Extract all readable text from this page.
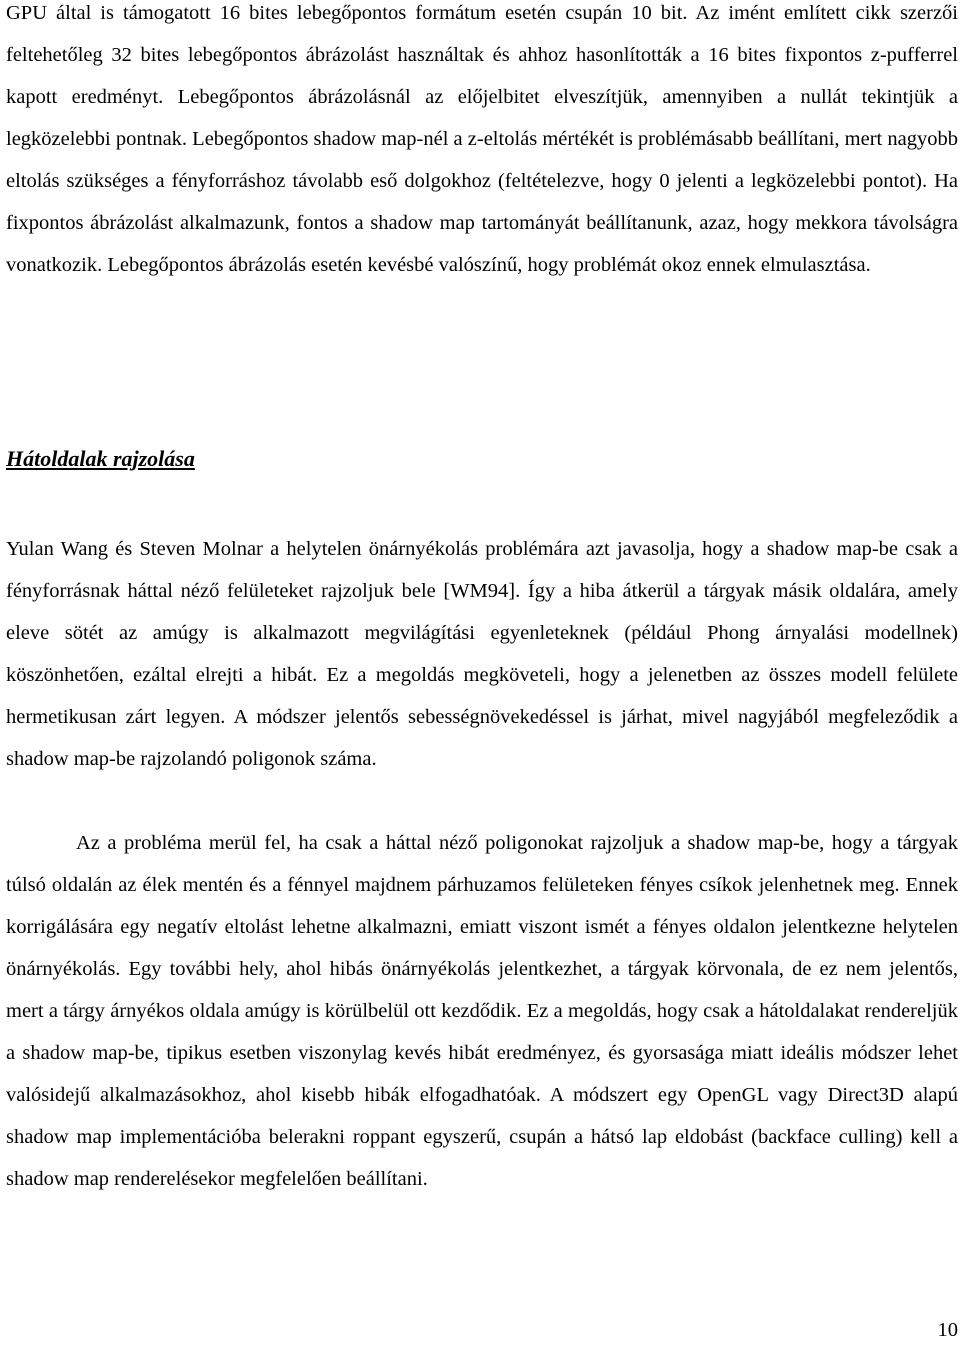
GPU által is támogatott 16 bites lebegőpontos formátum esetén csupán 10 bit. Az imént említett cikk szerzői feltehetőleg 32 bites lebegőpontos ábrázolást használtak és ahhoz hasonlították a 16 bites fixpontos z-pufferrel kapott eredményt. Lebegőpontos ábrázolásnál az előjelbitet elveszítjük, amennyiben a nullát tekintjük a legközelebbi pontnak. Lebegőpontos shadow map-nél a z-eltolás mértékét is problémásabb beállítani, mert nagyobb eltolás szükséges a fényforráshoz távolabb eső dolgokhoz (feltételezve, hogy 0 jelenti a legközelebbi pontot). Ha fixpontos ábrázolást alkalmazunk, fontos a shadow map tartományát beállítanunk, azaz, hogy mekkora távolságra vonatkozik. Lebegőpontos ábrázolás esetén kevésbé valószínű, hogy problémát okoz ennek elmulasztása.

Hátoldalak rajzolása

Yulan Wang és Steven Molnar a helytelen önárnyékolás problémára azt javasolja, hogy a shadow map-be csak a fényforrásnak háttal néző felületeket rajzoljuk bele [WM94]. Így a hiba átkerül a tárgyak másik oldalára, amely eleve sötét az amúgy is alkalmazott megvilágítási egyenleteknek (például Phong árnyalási modellnek) köszönhetően, ezáltal elrejti a hibát. Ez a megoldás megköveteli, hogy a jelenetben az összes modell felülete hermetikusan zárt legyen. A módszer jelentős sebességnövekedéssel is járhat, mivel nagyjából megfeleződik a shadow map-be rajzolandó poligonok száma.

Az a probléma merül fel, ha csak a háttal néző poligonokat rajzoljuk a shadow map-be, hogy a tárgyak túlsó oldalán az élek mentén és a fénnyel majdnem párhuzamos felületeken fényes csíkok jelenhetnek meg. Ennek korrigálására egy negatív eltolást lehetne alkalmazni, emiatt viszont ismét a fényes oldalon jelentkezne helytelen önárnyékolás. Egy további hely, ahol hibás önárnyékolás jelentkezhet, a tárgyak körvonala, de ez nem jelentős, mert a tárgy árnyékos oldala amúgy is körülbelül ott kezdődik. Ez a megoldás, hogy csak a hátoldalakat rendereljük a shadow map-be, tipikus esetben viszonylag kevés hibát eredményez, és gyorsasága miatt ideális módszer lehet valósidejű alkalmazásokhoz, ahol kisebb hibák elfogadhatóak. A módszert egy OpenGL vagy Direct3D alapú shadow map implementációba belerakni roppant egyszerű, csupán a hátsó lap eldobást (backface culling) kell a shadow map renderelésekor megfelelően beállítani.

10
